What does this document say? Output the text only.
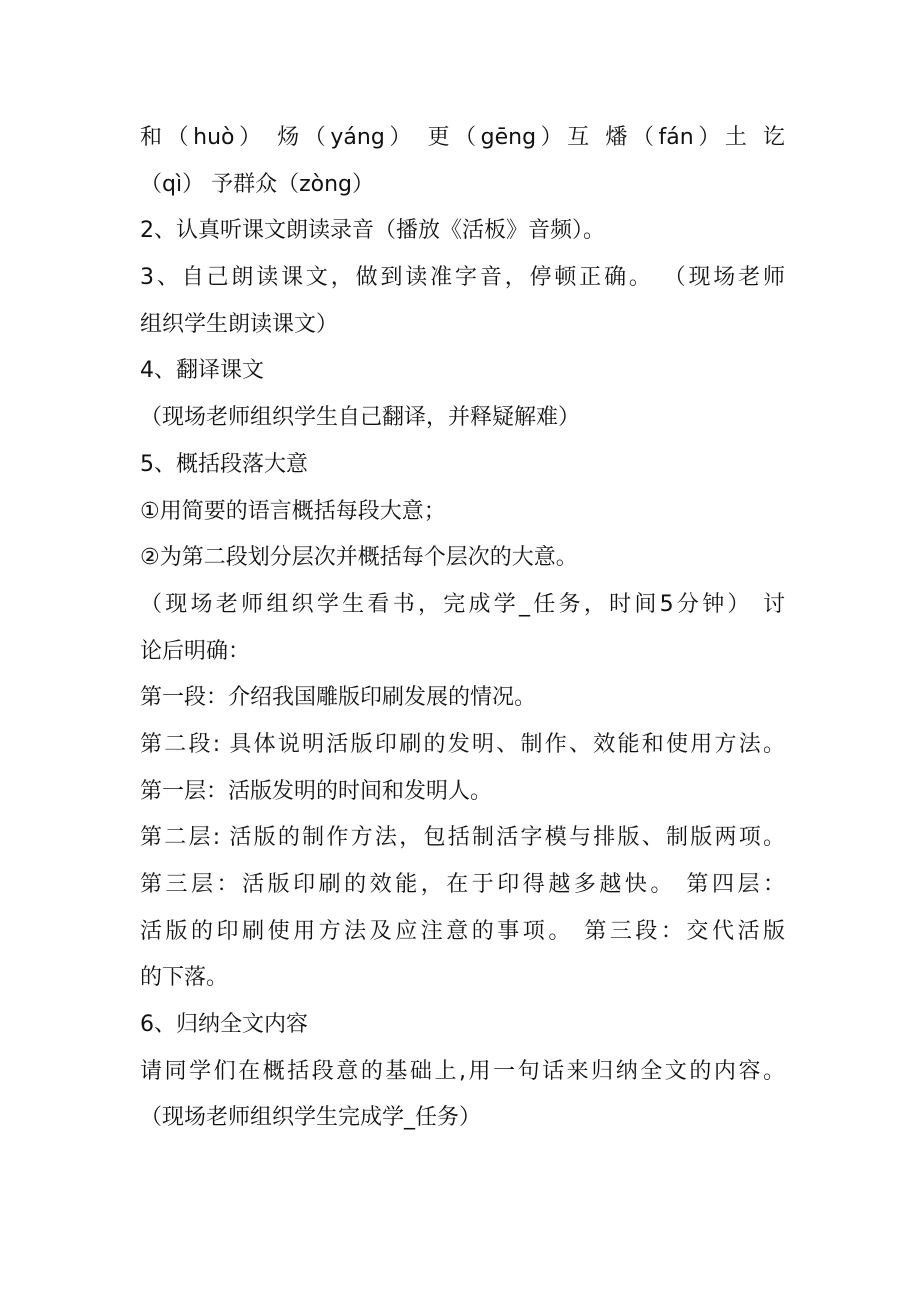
和（huò） 炀（yáng） 更（gēng）互 燔（fán）土 讫
（qì） 予群众（zòng）
2、认真听课文朗读录音（播放《活板》音频）。
3、自己朗读课文，做到读准字音，停顿正确。 （现场老师
组织学生朗读课文）
4、翻译课文
（现场老师组织学生自己翻译，并释疑解难）
5、概括段落大意
①用简要的语言概括每段大意；
②为第二段划分层次并概括每个层次的大意。
（现场老师组织学生看书，完成学_任务，时间5分钟） 讨
论后明确：
第一段：介绍我国雕版印刷发展的情况。
第二段: 具体说明活版印刷的发明、制作、效能和使用方法。
第一层：活版发明的时间和发明人。
第二层: 活版的制作方法，包括制活字模与排版、制版两项。
第三层：活版印刷的效能，在于印得越多越快。 第四层：
活版的印刷使用方法及应注意的事项。 第三段：交代活版
的下落。
6、归纳全文内容
请同学们在概括段意的基础上,用一句话来归纳全文的内容。
（现场老师组织学生完成学_任务）
